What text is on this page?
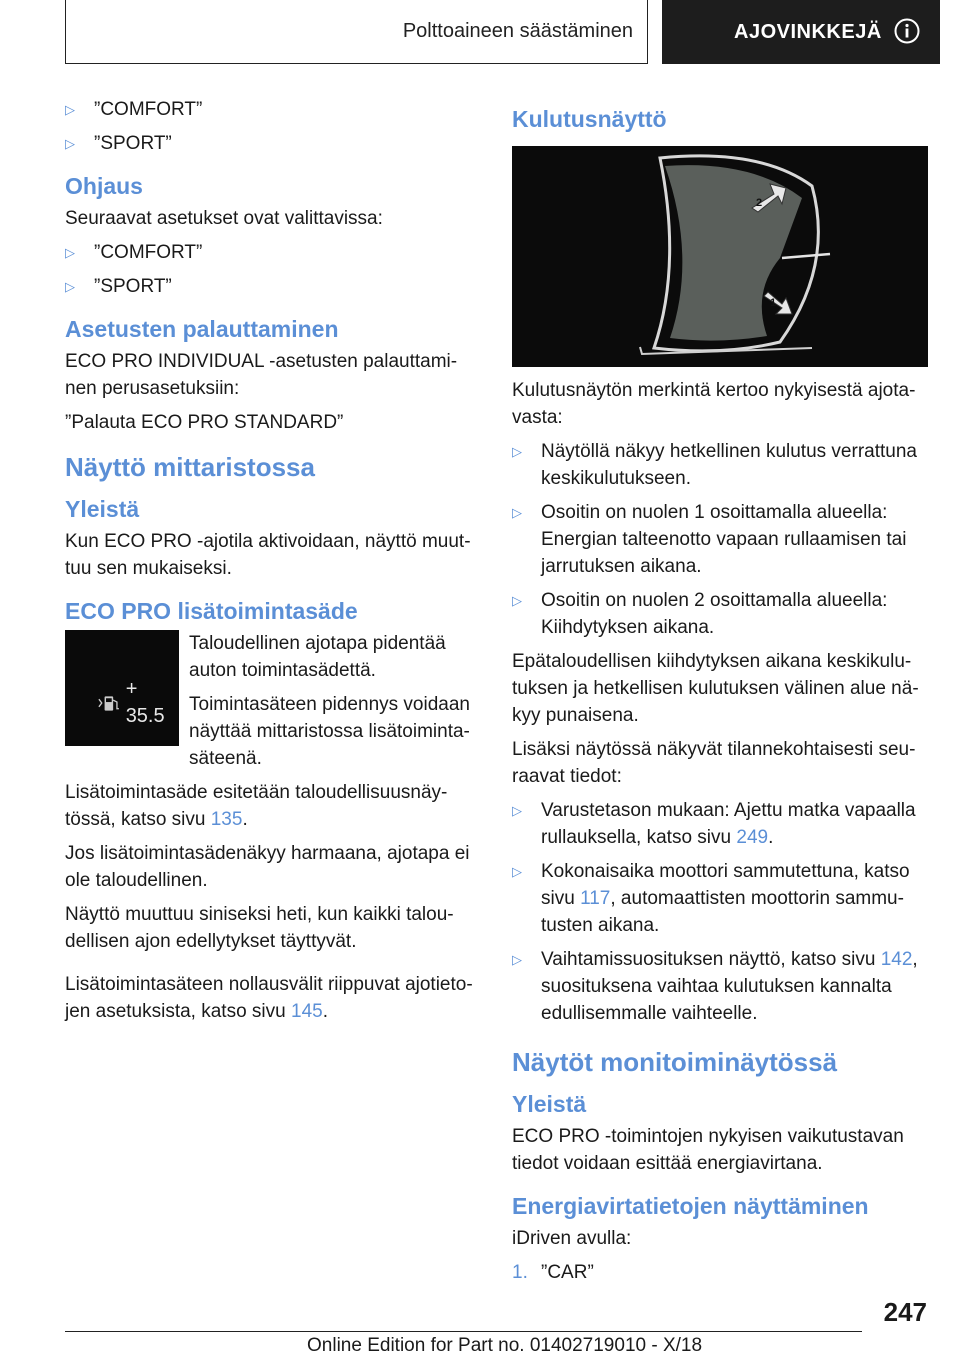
Polttoaineen säästäminen	AJOVINKKEJÄ
▷	”COMFORT”
▷	”SPORT”
Ohjaus

Seuraavat asetukset ovat valittavissa:

▷	”COMFORT”
▷	”SPORT”
Asetusten palauttaminen

ECO PRO INDIVIDUAL -asetusten palauttami‐nen perusasetuksiin:

”Palauta ECO PRO STANDARD”

Näyttö mittaristossa
Yleistä

Kun ECO PRO -ajotila aktivoidaan, näyttö muut‐tuu sen mukaiseksi.

ECO PRO lisätoimintasäde
+ 35.5

Taloudellinen ajotapa pidentää auton toimintasädettä.

Toimintasäteen pidennys voidaan näyttää mittaristossa lisätoiminta‐säteenä.

Lisätoimintasäde esitetään taloudellisuusnäy‐tössä, katso sivu 135.

Jos lisätoimintasädenäkyy harmaana, ajotapa ei ole taloudellinen.

Näyttö muuttuu siniseksi heti, kun kaikki talou‐dellisen ajon edellytykset täyttyvät.

Lisätoimintasäteen nollausvälit riippuvat ajotieto‐jen asetuksista, katso sivu 145.

Kulutusnäyttö
2
1

Kulutusnäytön merkintä kertoo nykyisestä ajota‐vasta:

▷	Näytöllä näkyy hetkellinen kulutus verrattuna keskikulutukseen.
▷	Osoitin on nuolen 1 osoittamalla alueella: Energian talteenotto vapaan rullaamisen tai jarrutuksen aikana.
▷	Osoitin on nuolen 2 osoittamalla alueella: Kiihdytyksen aikana.

Epätaloudellisen kiihdytyksen aikana keskikulu‐tuksen ja hetkellisen kulutuksen välinen alue nä‐kyy punaisena.

Lisäksi näytössä näkyvät tilannekohtaisesti seu‐raavat tiedot:

▷	Varustetason mukaan: Ajettu matka vapaalla rullauksella, katso sivu 249.
▷	Kokonaisaika moottori sammutettuna, katso sivu 117, automaattisten moottorin sammu‐tusten aikana.
▷	Vaihtamissuosituksen näyttö, katso sivu 142, suosituksena vaihtaa kulutuksen kannalta edullisemmalle vaihteelle.
Näytöt monitoiminäytössä
Yleistä

ECO PRO -toimintojen nykyisen vaikutustavan tiedot voidaan esittää energiavirtana.

Energiavirtatietojen näyttäminen

iDriven avulla:

1. ”CAR”
247
Online Edition for Part no. 01402719010 - X/18
